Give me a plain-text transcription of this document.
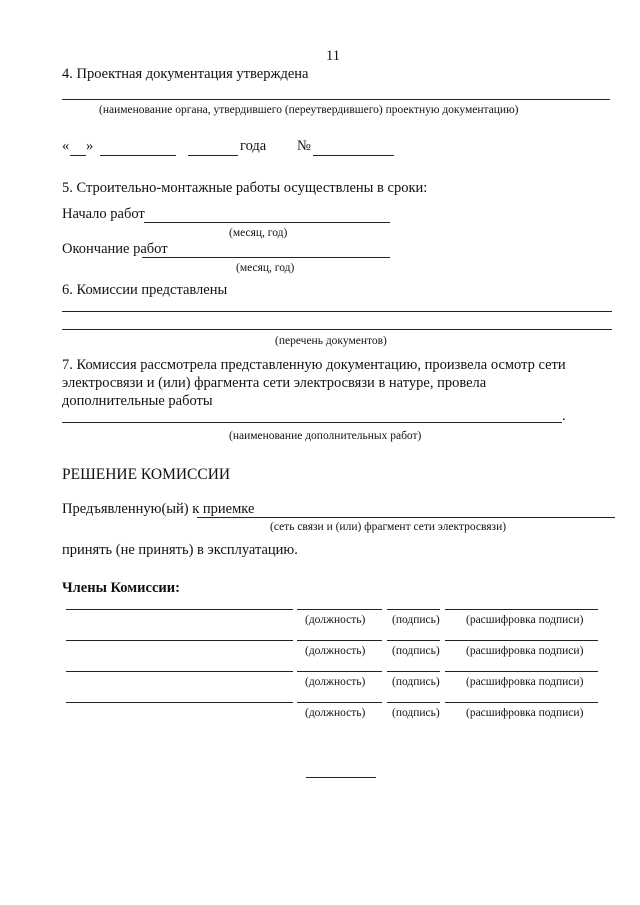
11
4. Проектная документация утверждена
(наименование органа, утвердившего (переутвердившего) проектную документацию)
« »	года №
5. Строительно-монтажные работы осуществлены в сроки:
Начало работ
(месяц, год)
Окончание работ
(месяц, год)
6. Комиссии представлены
(перечень документов)
7. Комиссия рассмотрела представленную документацию, произвела осмотр сети
электросвязи и (или) фрагмента сети электросвязи в натуре, провела
дополнительные работы
.
(наименование дополнительных работ)
РЕШЕНИЕ КОМИССИИ
Предъявленную(ый) к приемке
(сеть связи и (или) фрагмент сети электросвязи)
принять (не принять) в эксплуатацию.
Члены Комиссии:
(должность) (подпись) (расшифровка подписи)
(должность) (подпись) (расшифровка подписи)
(должность) (подпись) (расшифровка подписи)
(должность) (подпись) (расшифровка подписи)
